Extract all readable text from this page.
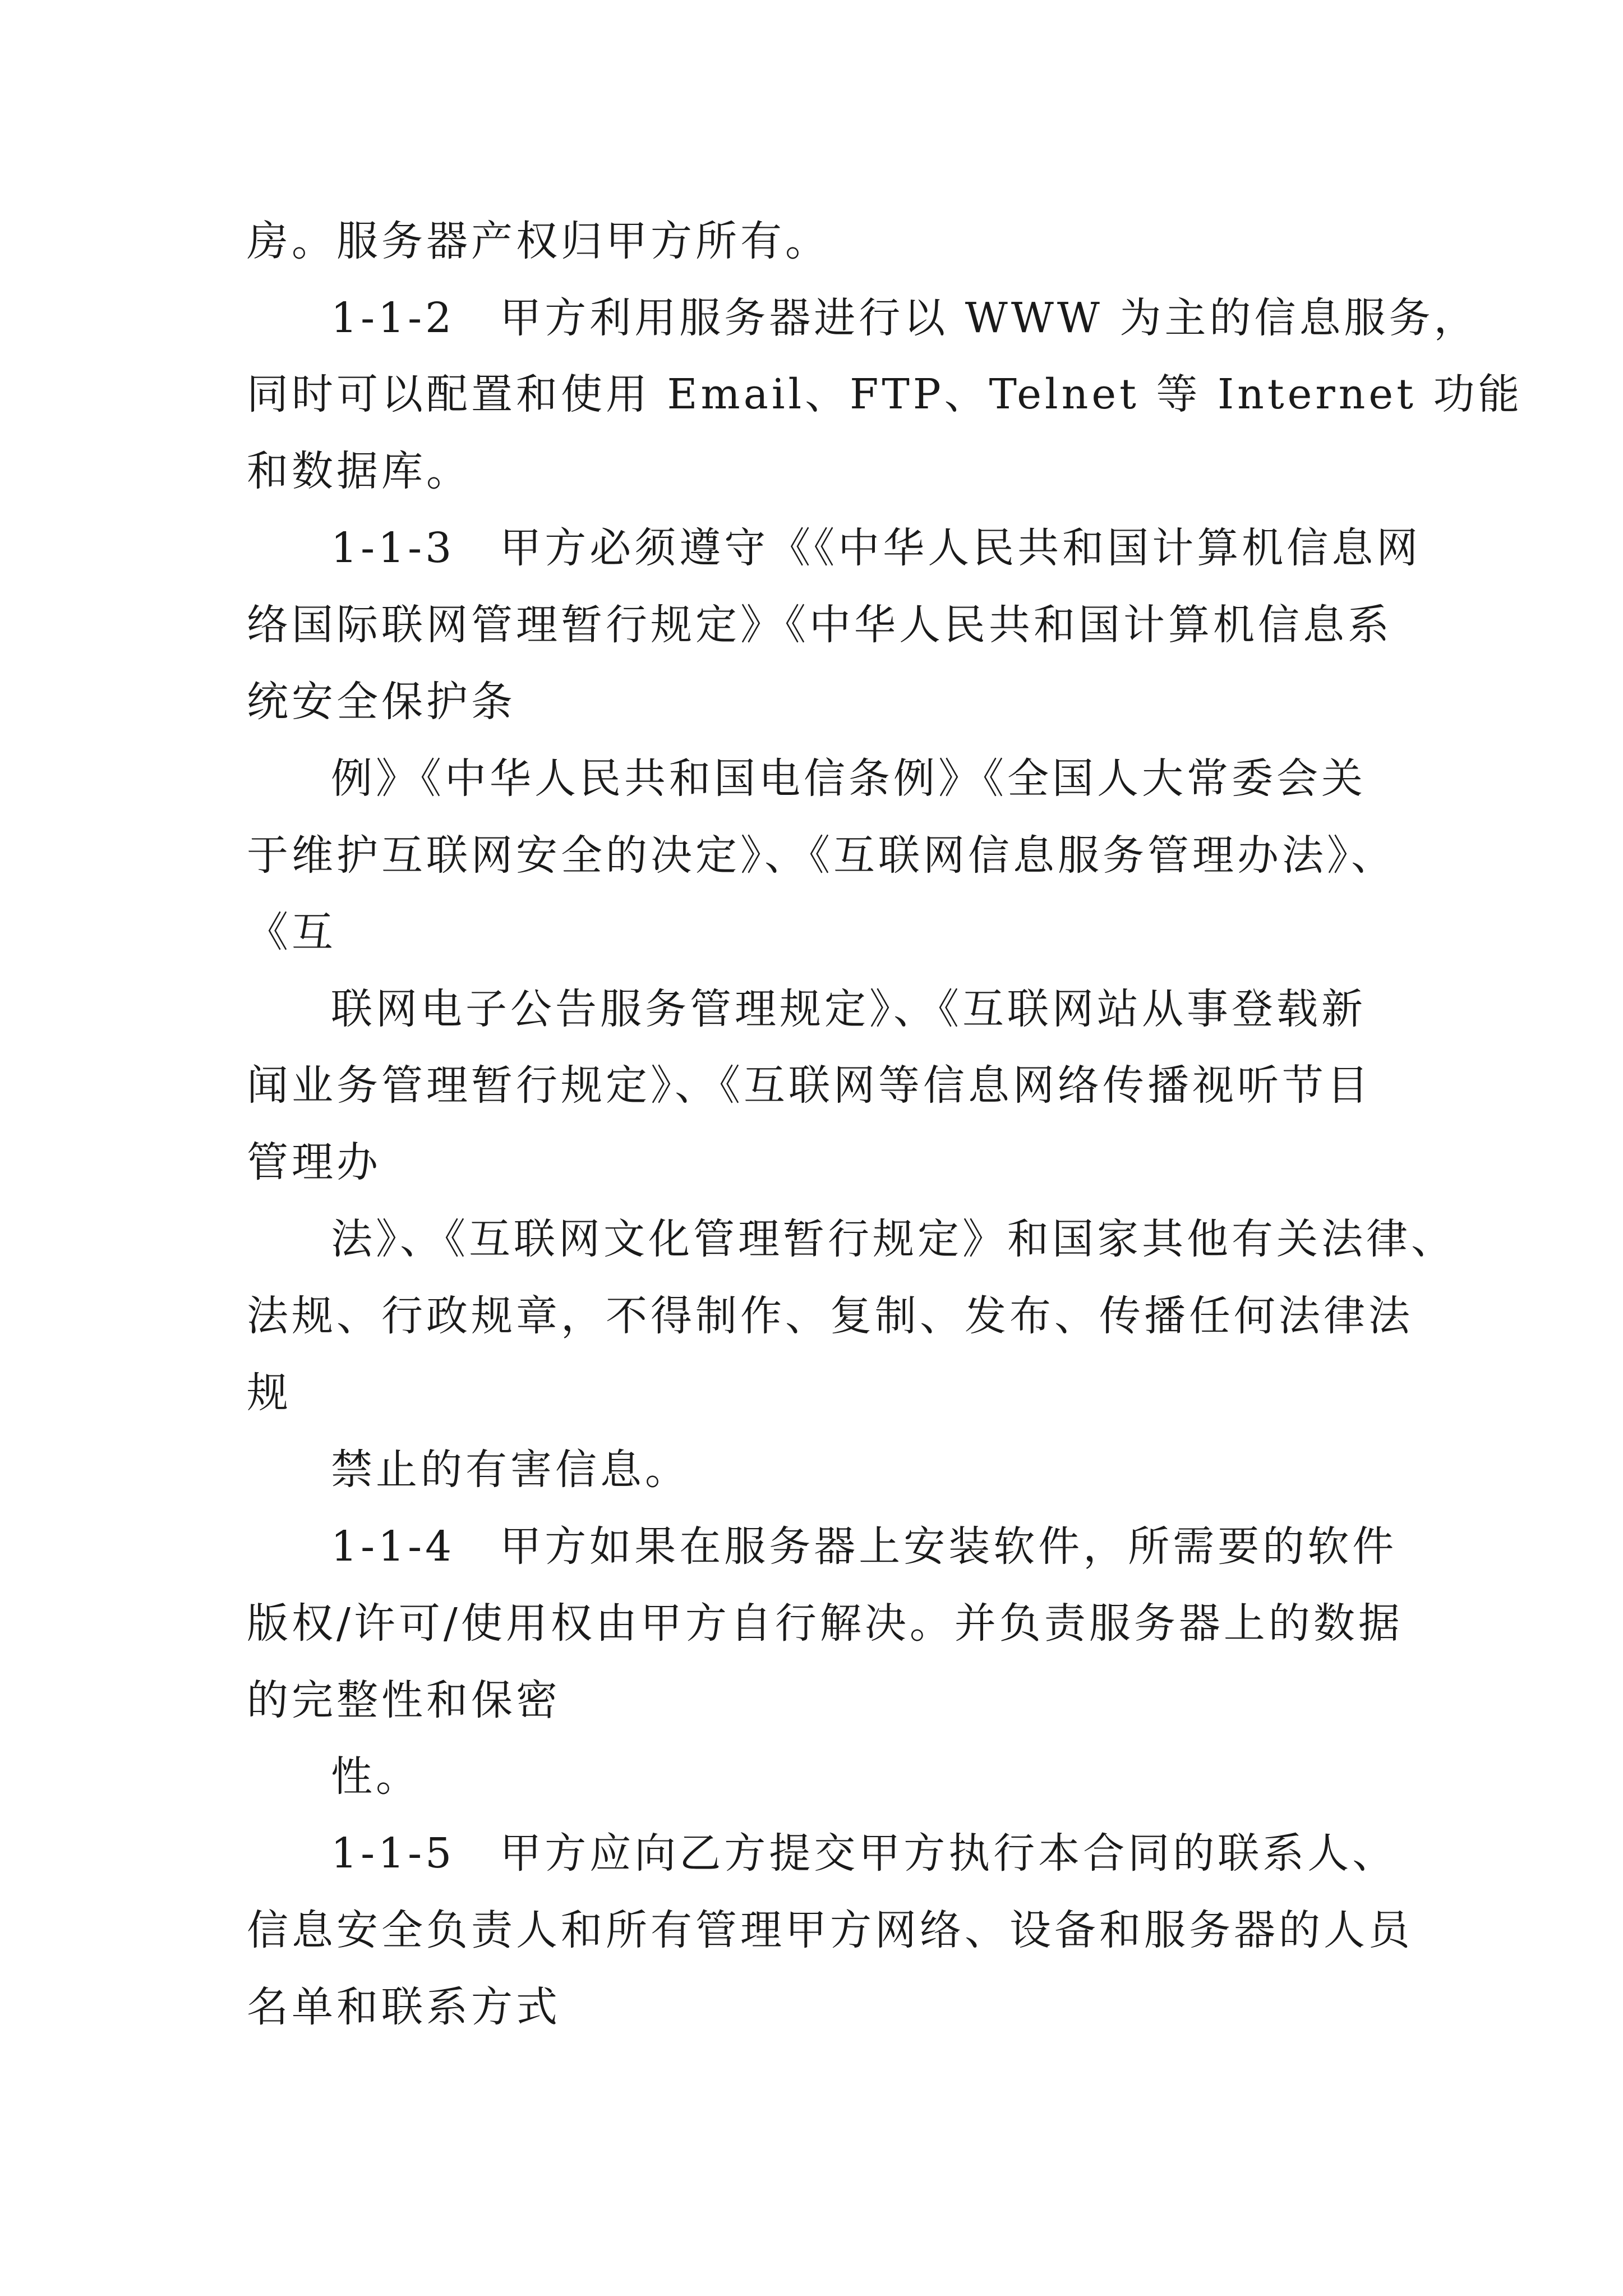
房。服务器产权归甲方所有。
1-1-2　甲方利用服务器进行以 WWW 为主的信息服务，
同时可以配置和使用 Email、FTP、Telnet 等 Internet 功能
和数据库。
1-1-3　甲方必须遵守《《中华人民共和国计算机信息网
络国际联网管理暂行规定》《中华人民共和国计算机信息系
统安全保护条
例》《中华人民共和国电信条例》《全国人大常委会关
于维护互联网安全的决定》、《互联网信息服务管理办法》、
《互
联网电子公告服务管理规定》、《互联网站从事登载新
闻业务管理暂行规定》、《互联网等信息网络传播视听节目
管理办
法》、《互联网文化管理暂行规定》和国家其他有关法律、
法规、行政规章，不得制作、复制、发布、传播任何法律法
规
禁止的有害信息。
1-1-4　甲方如果在服务器上安装软件，所需要的软件
版权/许可/使用权由甲方自行解决。并负责服务器上的数据
的完整性和保密
性。
1-1-5　甲方应向乙方提交甲方执行本合同的联系人、
信息安全负责人和所有管理甲方网络、设备和服务器的人员
名单和联系方式
